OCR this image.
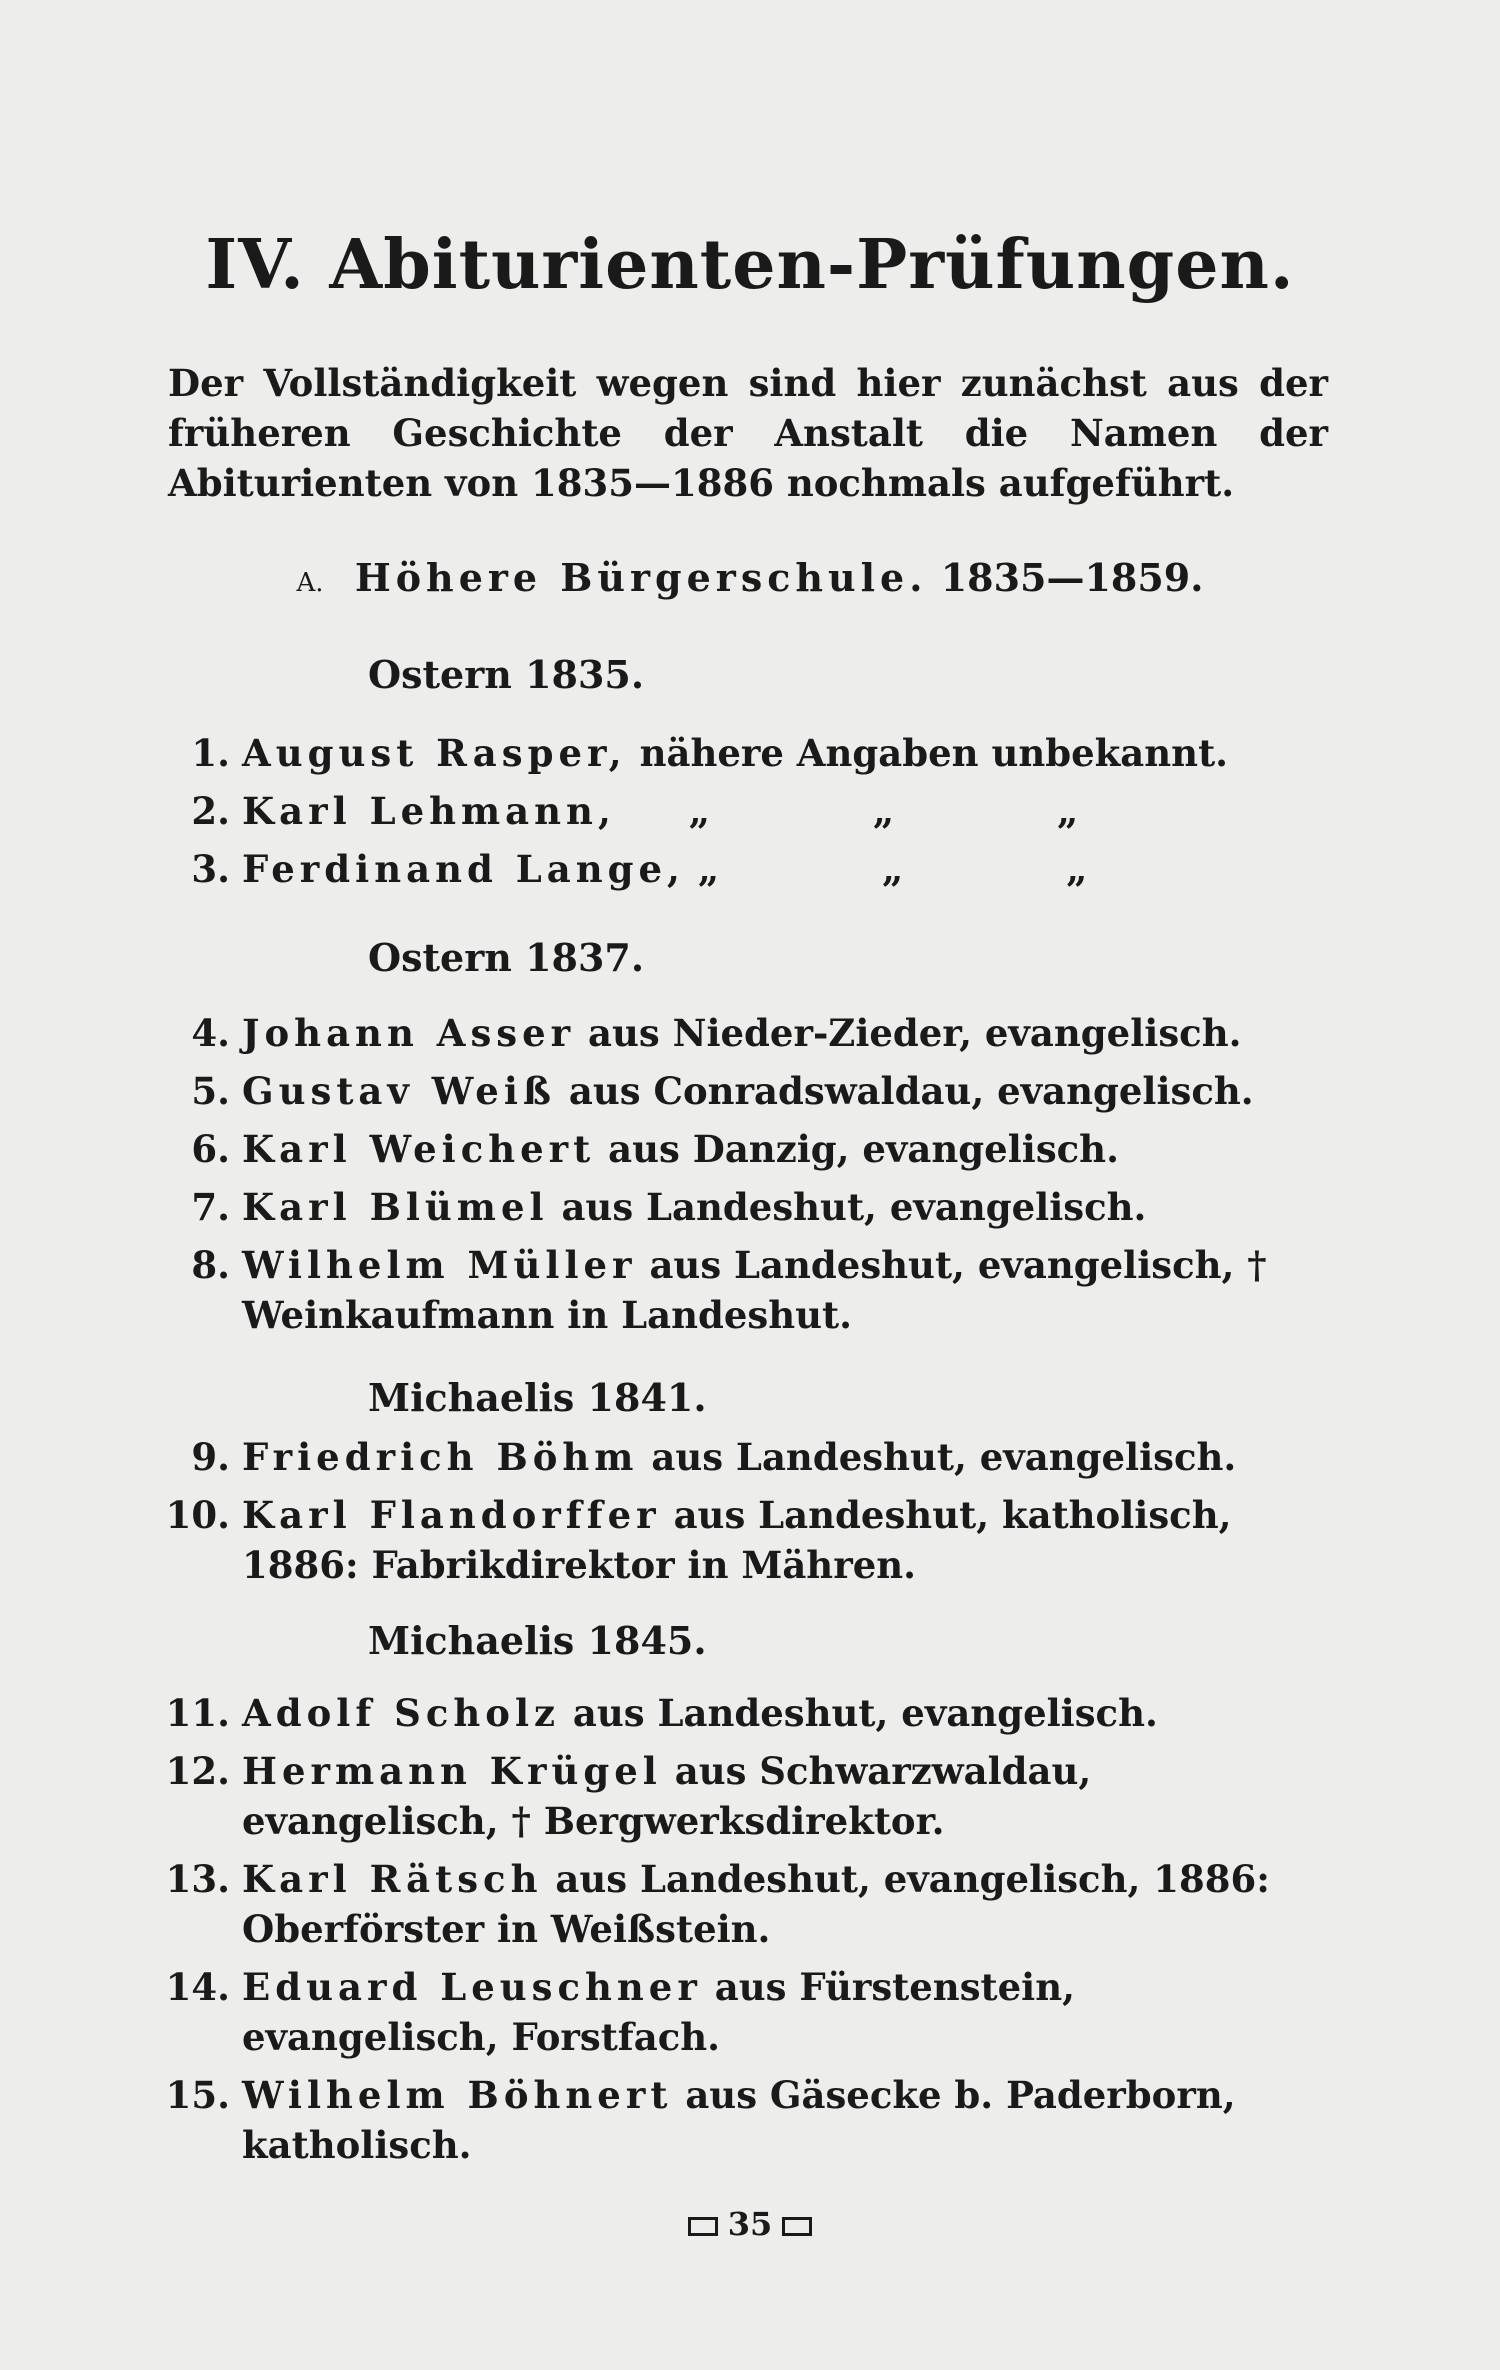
IV. Abiturienten-Prüfungen.
Der Vollständigkeit wegen sind hier zunächst aus der früheren Geschichte der Anstalt die Namen der Abiturienten von 1835—1886 nochmals aufgeführt.
A. Höhere Bürgerschule. 1835—1859.
Ostern 1835.
1. August Rasper, nähere Angaben unbekannt.
2. Karl Lehmann, „ „ „
3. Ferdinand Lange, „ „ „
Ostern 1837.
4. Johann Asser aus Nieder-Zieder, evangelisch.
5. Gustav Weiß aus Conradswaldau, evangelisch.
6. Karl Weichert aus Danzig, evangelisch.
7. Karl Blümel aus Landeshut, evangelisch.
8. Wilhelm Müller aus Landeshut, evangelisch, † Weinkaufmann in Landeshut.
Michaelis 1841.
9. Friedrich Böhm aus Landeshut, evangelisch.
10. Karl Flandorffer aus Landeshut, katholisch, 1886: Fabrikdirektor in Mähren.
Michaelis 1845.
11. Adolf Scholz aus Landeshut, evangelisch.
12. Hermann Krügel aus Schwarzwaldau, evangelisch, † Bergwerksdirektor.
13. Karl Rätsch aus Landeshut, evangelisch, 1886: Oberförster in Weißstein.
14. Eduard Leuschner aus Fürstenstein, evangelisch, Forstfach.
15. Wilhelm Böhnert aus Gäsecke b. Paderborn, katholisch.
35
